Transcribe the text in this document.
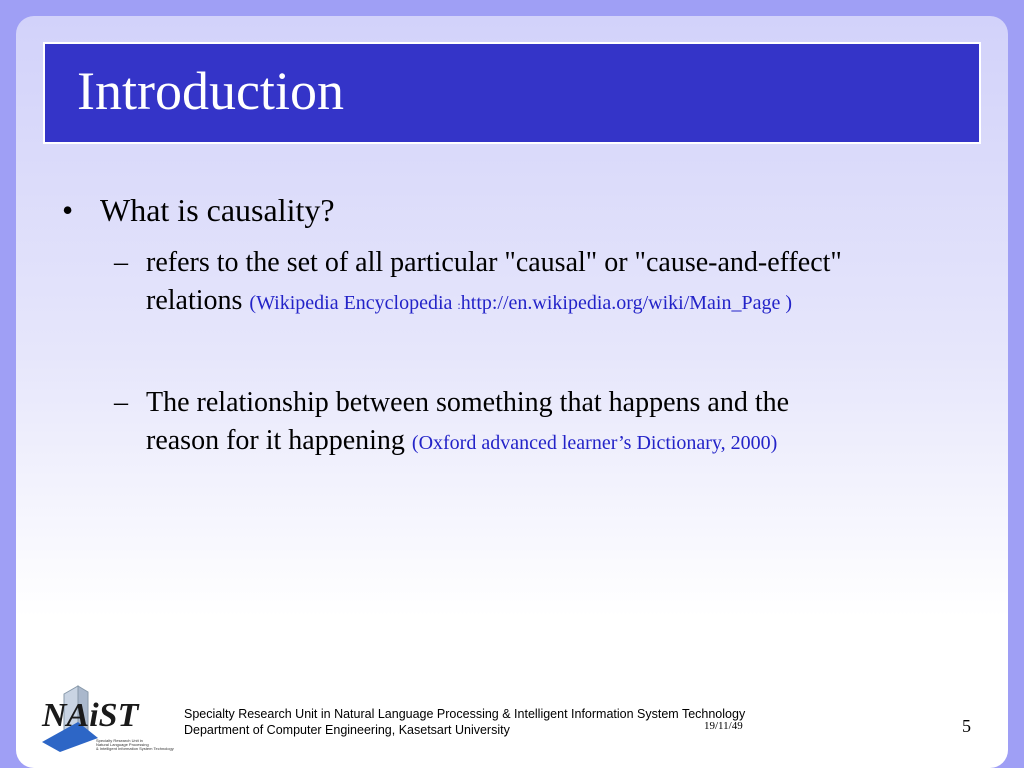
Introduction
• What is causality?
– refers to the set of all particular "causal" or "cause-and-effect"
relations (Wikipedia Encyclopedia :http://en.wikipedia.org/wiki/Main_Page )
– The relationship between something that happens and the
reason for it happening (Oxford advanced learner’s Dictionary, 2000)
NAiST
Specialty Research Unit in
Natural Language Processing
& Intelligent Information System Technology
Specialty Research Unit in Natural Language Processing & Intelligent Information System Technology
Department of Computer Engineering, Kasetsart University	19/11/49	5
